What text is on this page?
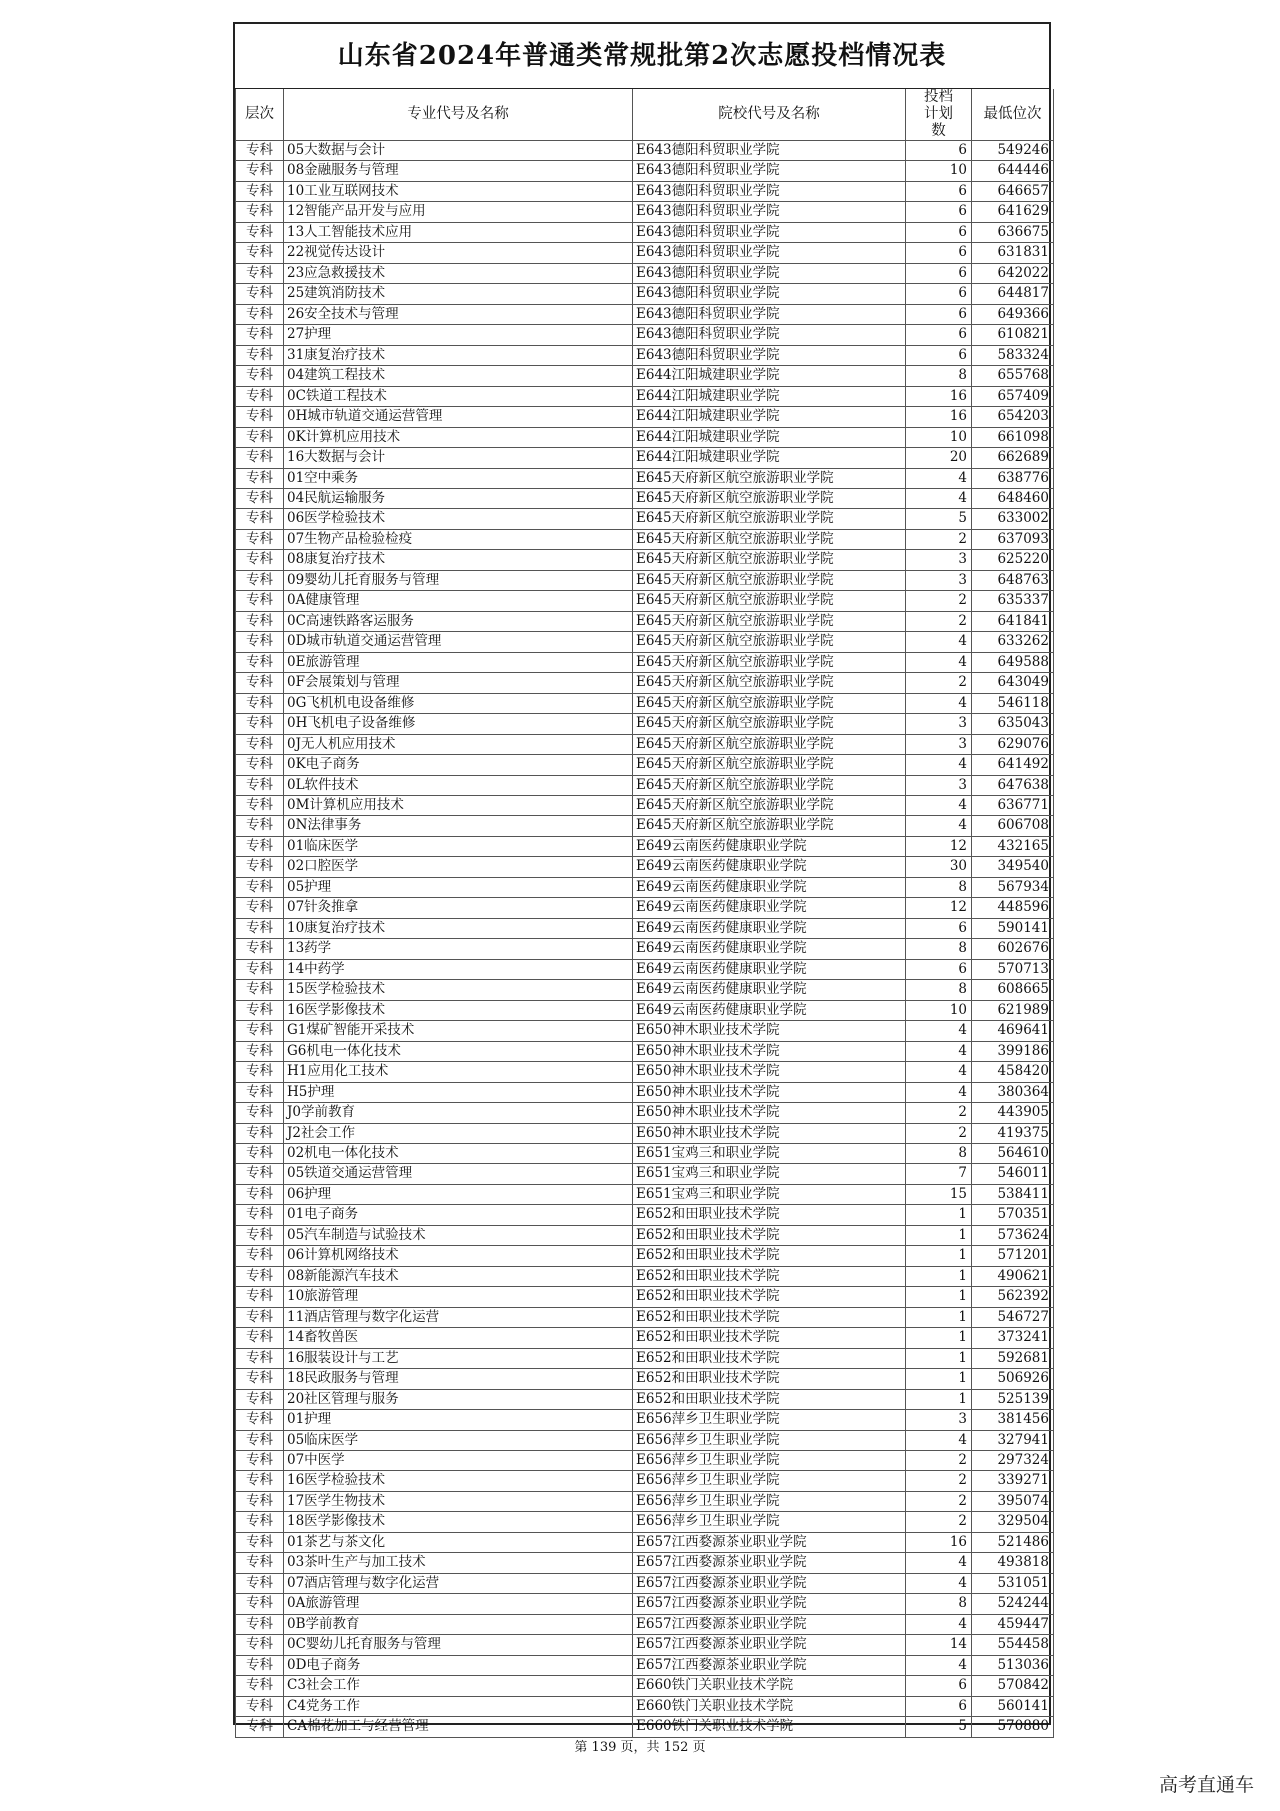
山东省2024年普通类常规批第2次志愿投档情况表
层次	专业代号及名称	院校代号及名称	投档计划数	最低位次
专科	05大数据与会计	E643德阳科贸职业学院	6	549246
专科	08金融服务与管理	E643德阳科贸职业学院	10	644446
专科	10工业互联网技术	E643德阳科贸职业学院	6	646657
专科	12智能产品开发与应用	E643德阳科贸职业学院	6	641629
专科	13人工智能技术应用	E643德阳科贸职业学院	6	636675
专科	22视觉传达设计	E643德阳科贸职业学院	6	631831
专科	23应急救援技术	E643德阳科贸职业学院	6	642022
专科	25建筑消防技术	E643德阳科贸职业学院	6	644817
专科	26安全技术与管理	E643德阳科贸职业学院	6	649366
专科	27护理	E643德阳科贸职业学院	6	610821
专科	31康复治疗技术	E643德阳科贸职业学院	6	583324
专科	04建筑工程技术	E644江阳城建职业学院	8	655768
专科	0C铁道工程技术	E644江阳城建职业学院	16	657409
专科	0H城市轨道交通运营管理	E644江阳城建职业学院	16	654203
专科	0K计算机应用技术	E644江阳城建职业学院	10	661098
专科	16大数据与会计	E644江阳城建职业学院	20	662689
专科	01空中乘务	E645天府新区航空旅游职业学院	4	638776
专科	04民航运输服务	E645天府新区航空旅游职业学院	4	648460
专科	06医学检验技术	E645天府新区航空旅游职业学院	5	633002
专科	07生物产品检验检疫	E645天府新区航空旅游职业学院	2	637093
专科	08康复治疗技术	E645天府新区航空旅游职业学院	3	625220
专科	09婴幼儿托育服务与管理	E645天府新区航空旅游职业学院	3	648763
专科	0A健康管理	E645天府新区航空旅游职业学院	2	635337
专科	0C高速铁路客运服务	E645天府新区航空旅游职业学院	2	641841
专科	0D城市轨道交通运营管理	E645天府新区航空旅游职业学院	4	633262
专科	0E旅游管理	E645天府新区航空旅游职业学院	4	649588
专科	0F会展策划与管理	E645天府新区航空旅游职业学院	2	643049
专科	0G飞机机电设备维修	E645天府新区航空旅游职业学院	4	546118
专科	0H飞机电子设备维修	E645天府新区航空旅游职业学院	3	635043
专科	0J无人机应用技术	E645天府新区航空旅游职业学院	3	629076
专科	0K电子商务	E645天府新区航空旅游职业学院	4	641492
专科	0L软件技术	E645天府新区航空旅游职业学院	3	647638
专科	0M计算机应用技术	E645天府新区航空旅游职业学院	4	636771
专科	0N法律事务	E645天府新区航空旅游职业学院	4	606708
专科	01临床医学	E649云南医药健康职业学院	12	432165
专科	02口腔医学	E649云南医药健康职业学院	30	349540
专科	05护理	E649云南医药健康职业学院	8	567934
专科	07针灸推拿	E649云南医药健康职业学院	12	448596
专科	10康复治疗技术	E649云南医药健康职业学院	6	590141
专科	13药学	E649云南医药健康职业学院	8	602676
专科	14中药学	E649云南医药健康职业学院	6	570713
专科	15医学检验技术	E649云南医药健康职业学院	8	608665
专科	16医学影像技术	E649云南医药健康职业学院	10	621989
专科	G1煤矿智能开采技术	E650神木职业技术学院	4	469641
专科	G6机电一体化技术	E650神木职业技术学院	4	399186
专科	H1应用化工技术	E650神木职业技术学院	4	458420
专科	H5护理	E650神木职业技术学院	4	380364
专科	J0学前教育	E650神木职业技术学院	2	443905
专科	J2社会工作	E650神木职业技术学院	2	419375
专科	02机电一体化技术	E651宝鸡三和职业学院	8	564610
专科	05铁道交通运营管理	E651宝鸡三和职业学院	7	546011
专科	06护理	E651宝鸡三和职业学院	15	538411
专科	01电子商务	E652和田职业技术学院	1	570351
专科	05汽车制造与试验技术	E652和田职业技术学院	1	573624
专科	06计算机网络技术	E652和田职业技术学院	1	571201
专科	08新能源汽车技术	E652和田职业技术学院	1	490621
专科	10旅游管理	E652和田职业技术学院	1	562392
专科	11酒店管理与数字化运营	E652和田职业技术学院	1	546727
专科	14畜牧兽医	E652和田职业技术学院	1	373241
专科	16服装设计与工艺	E652和田职业技术学院	1	592681
专科	18民政服务与管理	E652和田职业技术学院	1	506926
专科	20社区管理与服务	E652和田职业技术学院	1	525139
专科	01护理	E656萍乡卫生职业学院	3	381456
专科	05临床医学	E656萍乡卫生职业学院	4	327941
专科	07中医学	E656萍乡卫生职业学院	2	297324
专科	16医学检验技术	E656萍乡卫生职业学院	2	339271
专科	17医学生物技术	E656萍乡卫生职业学院	2	395074
专科	18医学影像技术	E656萍乡卫生职业学院	2	329504
专科	01茶艺与茶文化	E657江西婺源茶业职业学院	16	521486
专科	03茶叶生产与加工技术	E657江西婺源茶业职业学院	4	493818
专科	07酒店管理与数字化运营	E657江西婺源茶业职业学院	4	531051
专科	0A旅游管理	E657江西婺源茶业职业学院	8	524244
专科	0B学前教育	E657江西婺源茶业职业学院	4	459447
专科	0C婴幼儿托育服务与管理	E657江西婺源茶业职业学院	14	554458
专科	0D电子商务	E657江西婺源茶业职业学院	4	513036
专科	C3社会工作	E660铁门关职业技术学院	6	570842
专科	C4党务工作	E660铁门关职业技术学院	6	560141
专科	CA棉花加工与经营管理	E660铁门关职业技术学院	5	570880
第 139 页，共 152 页
高考直通车
